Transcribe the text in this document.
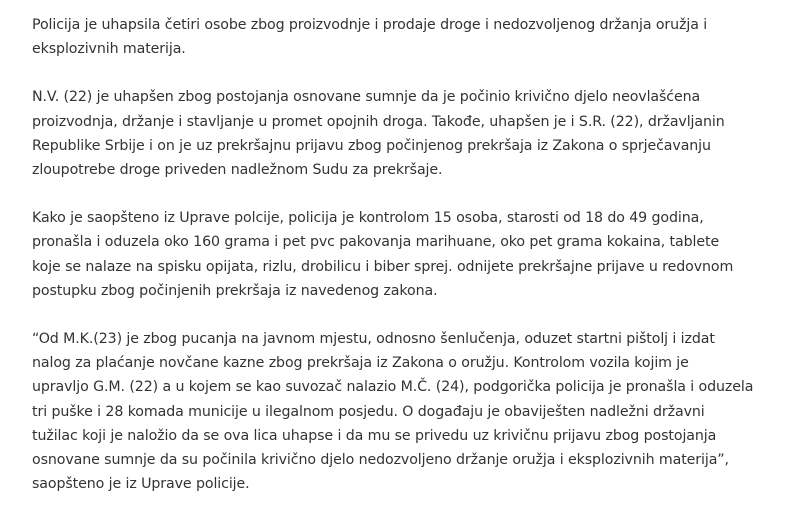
Policija je uhapsila četiri osobe zbog proizvodnje i prodaje droge i nedozvoljenog držanja oružja i
eksplozivnih materija.

N.V. (22) je uhapšen zbog postojanja osnovane sumnje da je počinio krivično djelo neovlašćena
proizvodnja, držanje i stavljanje u promet opojnih droga. Takođe, uhapšen je i S.R. (22), državljanin
Republike Srbije i on je uz prekršajnu prijavu zbog počinjenog prekršaja iz Zakona o sprječavanju
zloupotrebe droge priveden nadležnom Sudu za prekršaje.

Kako je saopšteno iz Uprave polcije, policija je kontrolom 15 osoba, starosti od 18 do 49 godina,
pronašla i oduzela oko 160 grama i pet pvc pakovanja marihuane, oko pet grama kokaina, tablete
koje se nalaze na spisku opijata, rizlu, drobilicu i biber sprej. odnijete prekršajne prijave u redovnom
postupku zbog počinjenih prekršaja iz navedenog zakona.

“Od M.K.(23) je zbog pucanja na javnom mjestu, odnosno šenlučenja, oduzet startni pištolj i izdat
nalog za plaćanje novčane kazne zbog prekršaja iz Zakona o oružju. Kontrolom vozila kojim je
upravljo G.M. (22) a u kojem se kao suvozač nalazio M.Č. (24), podgorička policija je pronašla i oduzela
tri puške i 28 komada municije u ilegalnom posjedu. O događaju je obaviješten nadležni državni
tužilac koji je naložio da se ova lica uhapse i da mu se privedu uz krivičnu prijavu zbog postojanja
osnovane sumnje da su počinila krivično djelo nedozvoljeno držanje oružja i eksplozivnih materija”,
saopšteno je iz Uprave policije.
